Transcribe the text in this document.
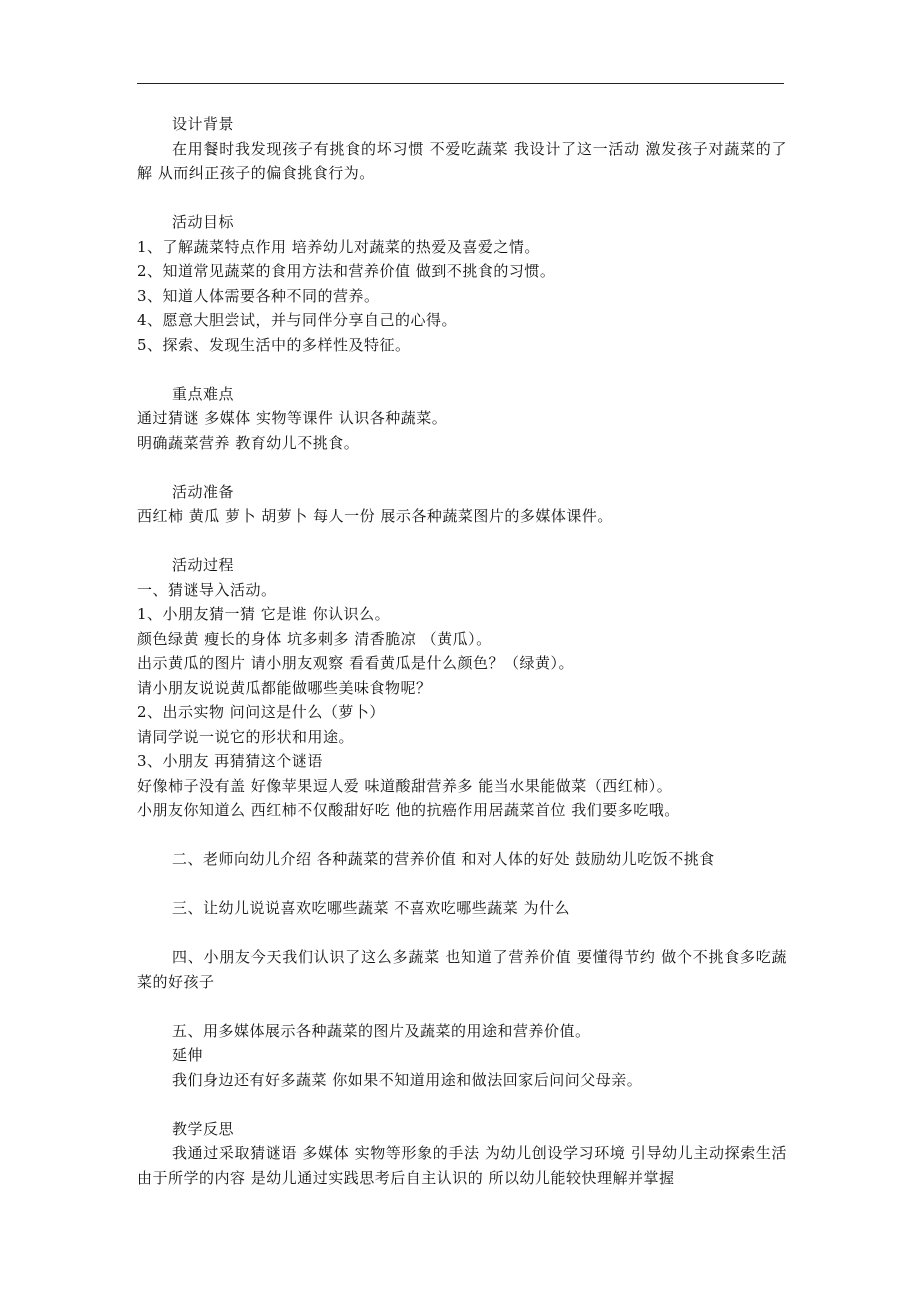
设计背景
在用餐时我发现孩子有挑食的坏习惯 不爱吃蔬菜 我设计了这一活动 激发孩子对蔬菜的了解 从而纠正孩子的偏食挑食行为。
活动目标
1、了解蔬菜特点作用 培养幼儿对蔬菜的热爱及喜爱之情。
2、知道常见蔬菜的食用方法和营养价值 做到不挑食的习惯。
3、知道人体需要各种不同的营养。
4、愿意大胆尝试，并与同伴分享自己的心得。
5、探索、发现生活中的多样性及特征。
重点难点
通过猜谜 多媒体 实物等课件 认识各种蔬菜。
明确蔬菜营养 教育幼儿不挑食。
活动准备
西红柿 黄瓜 萝卜 胡萝卜 每人一份 展示各种蔬菜图片的多媒体课件。
活动过程
一、猜谜导入活动。
1、小朋友猜一猜 它是谁 你认识么。
颜色绿黄 瘦长的身体 坑多刺多 清香脆凉 （黄瓜）。
出示黄瓜的图片 请小朋友观察 看看黄瓜是什么颜色？（绿黄）。
请小朋友说说黄瓜都能做哪些美味食物呢？
2、出示实物 问问这是什么（萝卜）
请同学说一说它的形状和用途。
3、小朋友 再猜猜这个谜语
好像柿子没有盖 好像苹果逗人爱 味道酸甜营养多 能当水果能做菜（西红柿）。
小朋友你知道么 西红柿不仅酸甜好吃 他的抗癌作用居蔬菜首位 我们要多吃哦。
二、老师向幼儿介绍 各种蔬菜的营养价值 和对人体的好处 鼓励幼儿吃饭不挑食
三、让幼儿说说喜欢吃哪些蔬菜 不喜欢吃哪些蔬菜 为什么
四、小朋友今天我们认识了这么多蔬菜 也知道了营养价值 要懂得节约 做个不挑食多吃蔬菜的好孩子
五、用多媒体展示各种蔬菜的图片及蔬菜的用途和营养价值。
延伸
我们身边还有好多蔬菜 你如果不知道用途和做法回家后问问父母亲。
教学反思
我通过采取猜谜语 多媒体 实物等形象的手法 为幼儿创设学习环境 引导幼儿主动探索生活 由于所学的内容 是幼儿通过实践思考后自主认识的 所以幼儿能较快理解并掌握
